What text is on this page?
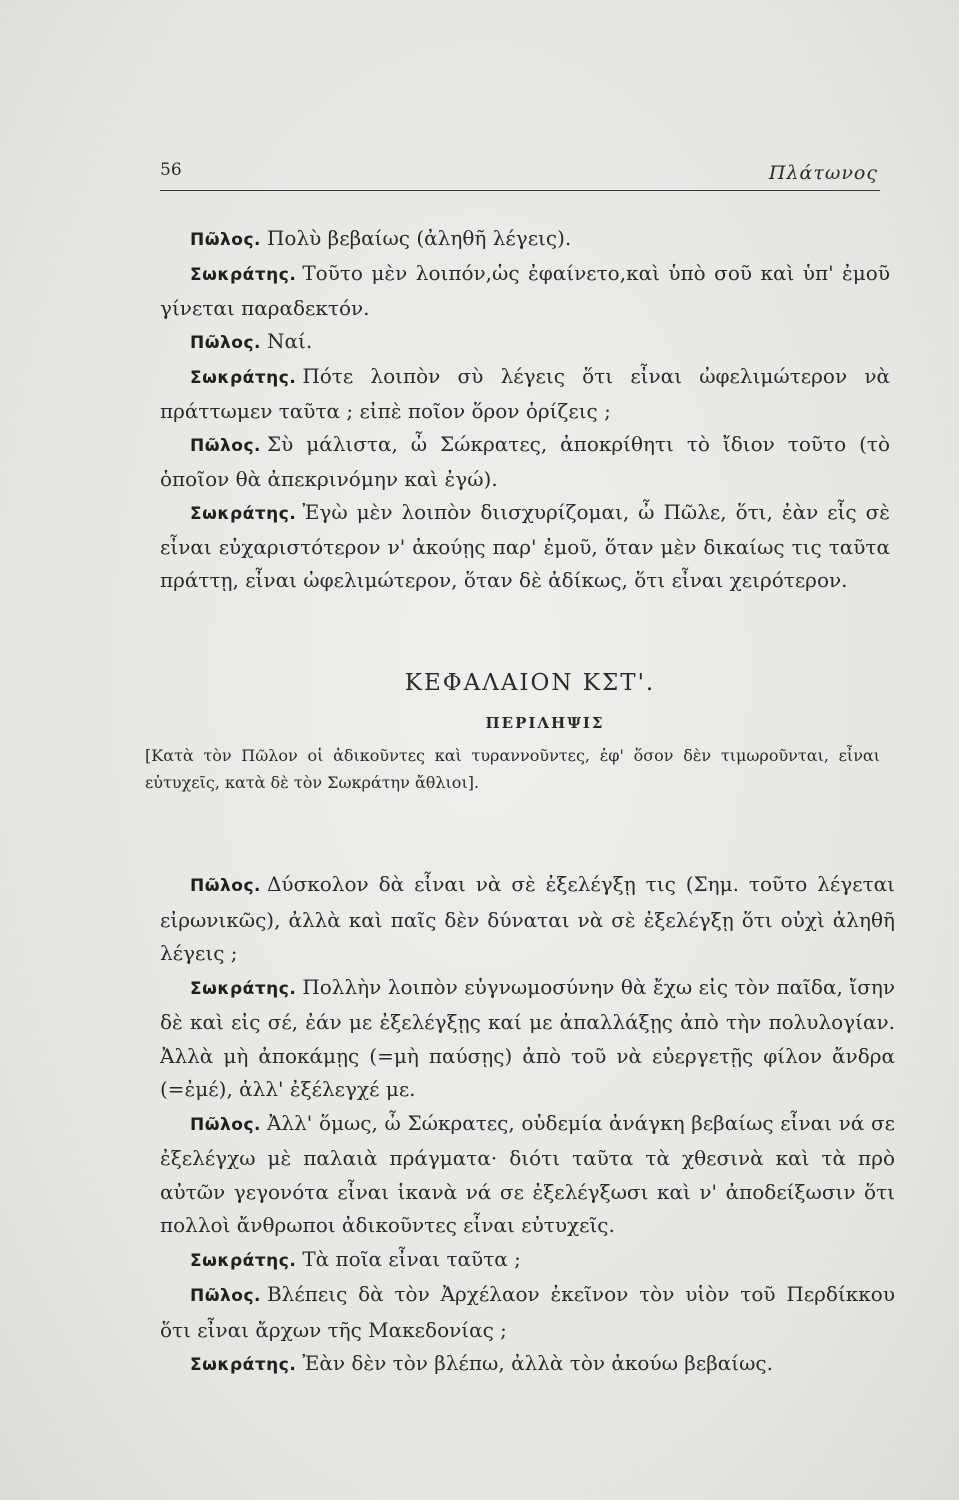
56	Πλάτωνος

Πῶλος. Πολὺ βεβαίως (ἀληθῆ λέγεις).

Σωκράτης. Τοῦτο μὲν λοιπόν,ὡς ἐφαίνετο,καὶ ὑπὸ σοῦ καὶ ὑπ' ἐμοῦ γίνεται παραδεκτόν.

Πῶλος. Ναί.

Σωκράτης. Πότε λοιπὸν σὺ λέγεις ὅτι εἶναι ὠφελιμώτερον νὰ πράττωμεν ταῦτα ; εἰπὲ ποῖον ὅρον ὁρίζεις ;

Πῶλος. Σὺ μάλιστα, ὦ Σώκρατες, ἀποκρίθητι τὸ ἴδιον τοῦτο (τὸ ὁποῖον θὰ ἀπεκρινόμην καὶ ἐγώ).

Σωκράτης. Ἐγὼ μὲν λοιπὸν διισχυρίζομαι, ὦ Πῶλε, ὅτι, ἐὰν εἷς σὲ εἶναι εὐχαριστότερον ν' ἀκούῃς παρ' ἐμοῦ, ὅταν μὲν δικαίως τις ταῦτα πράττῃ, εἶναι ὠφελιμώτερον, ὅταν δὲ ἀδίκως, ὅτι εἶναι χειρότερον.

ΚΕΦΑΛΑΙΟΝ ΚΣΤ'.

ΠΕΡΙΛΗΨΙΣ

[Κατὰ τὸν Πῶλον οἱ ἀδικοῦντες καὶ τυραννοῦντες, ἐφ' ὅσον δὲν τιμωροῦνται, εἶναι εὐτυχεῖς, κατὰ δὲ τὸν Σωκράτην ἄθλιοι].

Πῶλος. Δύσκολον δὰ εἶναι νὰ σὲ ἐξελέγξῃ τις (Σημ. τοῦτο λέγεται εἰρωνικῶς), ἀλλὰ καὶ παῖς δὲν δύναται νὰ σὲ ἐξελέγξῃ ὅτι οὐχὶ ἀληθῆ λέγεις ;

Σωκράτης. Πολλὴν λοιπὸν εὐγνωμοσύνην θὰ ἔχω εἰς τὸν παῖδα, ἴσην δὲ καὶ εἰς σέ, ἐάν με ἐξελέγξῃς καί με ἀπαλλάξῃς ἀπὸ τὴν πολυλογίαν. Ἀλλὰ μὴ ἀποκάμῃς (=μὴ παύσῃς) ἀπὸ τοῦ νὰ εὐεργετῇς φίλον ἄνδρα (=ἐμέ), ἀλλ' ἐξέλεγχέ με.

Πῶλος. Ἀλλ' ὅμως, ὦ Σώκρατες, οὐδεμία ἀνάγκη βεβαίως εἶναι νά σε ἐξελέγχω μὲ παλαιὰ πράγματα· διότι ταῦτα τὰ χθεσινὰ καὶ τὰ πρὸ αὐτῶν γεγονότα εἶναι ἱκανὰ νά σε ἐξελέγξωσι καὶ ν' ἀποδείξωσιν ὅτι πολλοὶ ἄνθρωποι ἀδικοῦντες εἶναι εὐτυχεῖς.

Σωκράτης. Τὰ ποῖα εἶναι ταῦτα ;

Πῶλος. Βλέπεις δὰ τὸν Ἀρχέλαον ἐκεῖνον τὸν υἱὸν τοῦ Περδίκκου ὅτι εἶναι ἄρχων τῆς Μακεδονίας ;

Σωκράτης. Ἐὰν δὲν τὸν βλέπω, ἀλλὰ τὸν ἀκούω βεβαίως.
